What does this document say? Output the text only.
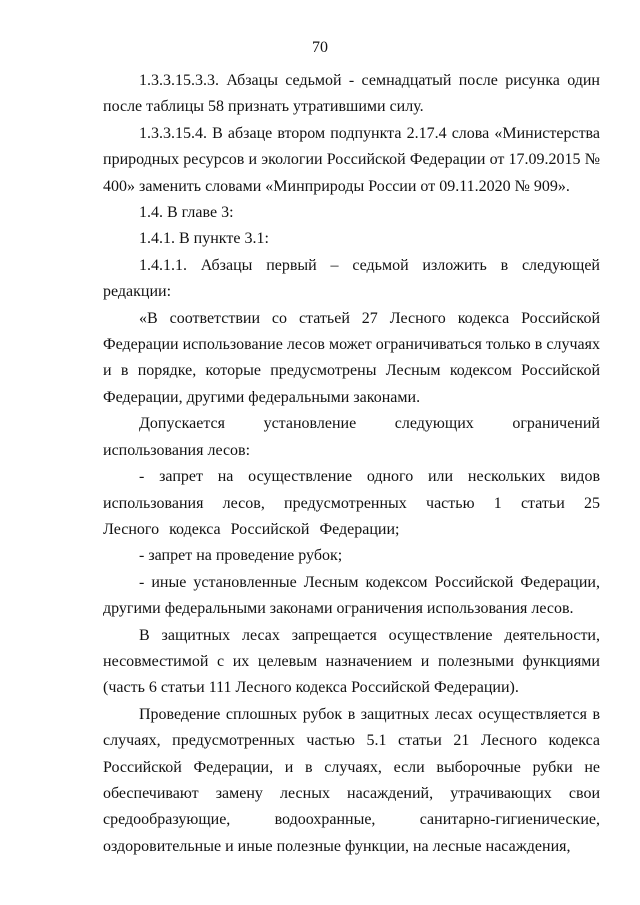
70

1.3.3.15.3.3. Абзацы седьмой - семнадцатый после рисунка один после таблицы 58 признать утратившими силу.

1.3.3.15.4. В абзаце втором подпункта 2.17.4 слова «Министерства природных ресурсов и экологии Российской Федерации от 17.09.2015 № 400» заменить словами «Минприроды России от 09.11.2020 № 909».

1.4. В главе 3:

1.4.1. В пункте 3.1:

1.4.1.1. Абзацы первый – седьмой изложить в следующей редакции:

«В соответствии со статьей 27 Лесного кодекса Российской Федерации использование лесов может ограничиваться только в случаях и в порядке, которые предусмотрены Лесным кодексом Российской Федерации, другими федеральными законами.

Допускается установление следующих ограничений использования лесов:

- запрет на осуществление одного или нескольких видов использования лесов, предусмотренных частью 1 статьи 25 Лесного кодекса Российской Федерации;

- запрет на проведение рубок;

- иные установленные Лесным кодексом Российской Федерации, другими федеральными законами ограничения использования лесов.

В защитных лесах запрещается осуществление деятельности, несовместимой с их целевым назначением и полезными функциями (часть 6 статьи 111 Лесного кодекса Российской Федерации).

Проведение сплошных рубок в защитных лесах осуществляется в случаях, предусмотренных частью 5.1 статьи 21 Лесного кодекса Российской Федерации, и в случаях, если выборочные рубки не обеспечивают замену лесных насаждений, утрачивающих свои средообразующие, водоохранные, санитарно-гигиенические, оздоровительные и иные полезные функции, на лесные насаждения,
